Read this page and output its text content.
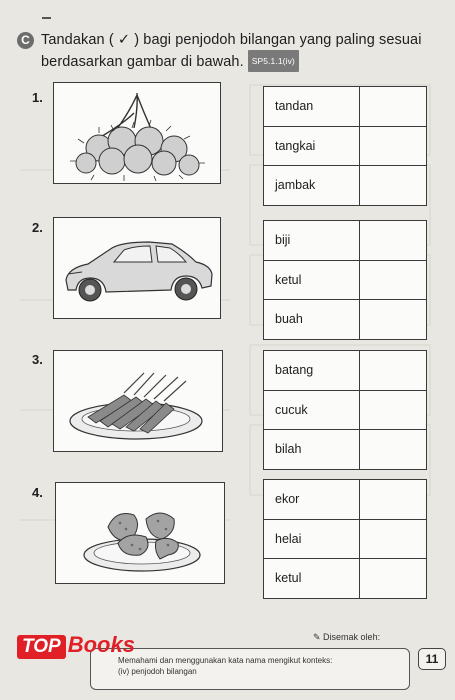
C Tandakan ( ✓ ) bagi penjodoh bilangan yang paling sesuai
berdasarkan gambar di bawah. SP5.1.1(iv)
1.
tandan
tangkai
jambak
2.
biji
ketul
buah
3.
batang
cucuk
bilah
4.	ekor
helai
ketul
✎ Disemak oleh:
Memahami dan menggunakan kata nama mengikut konteks:
(iv) penjodoh bilangan
11
TOP Books
